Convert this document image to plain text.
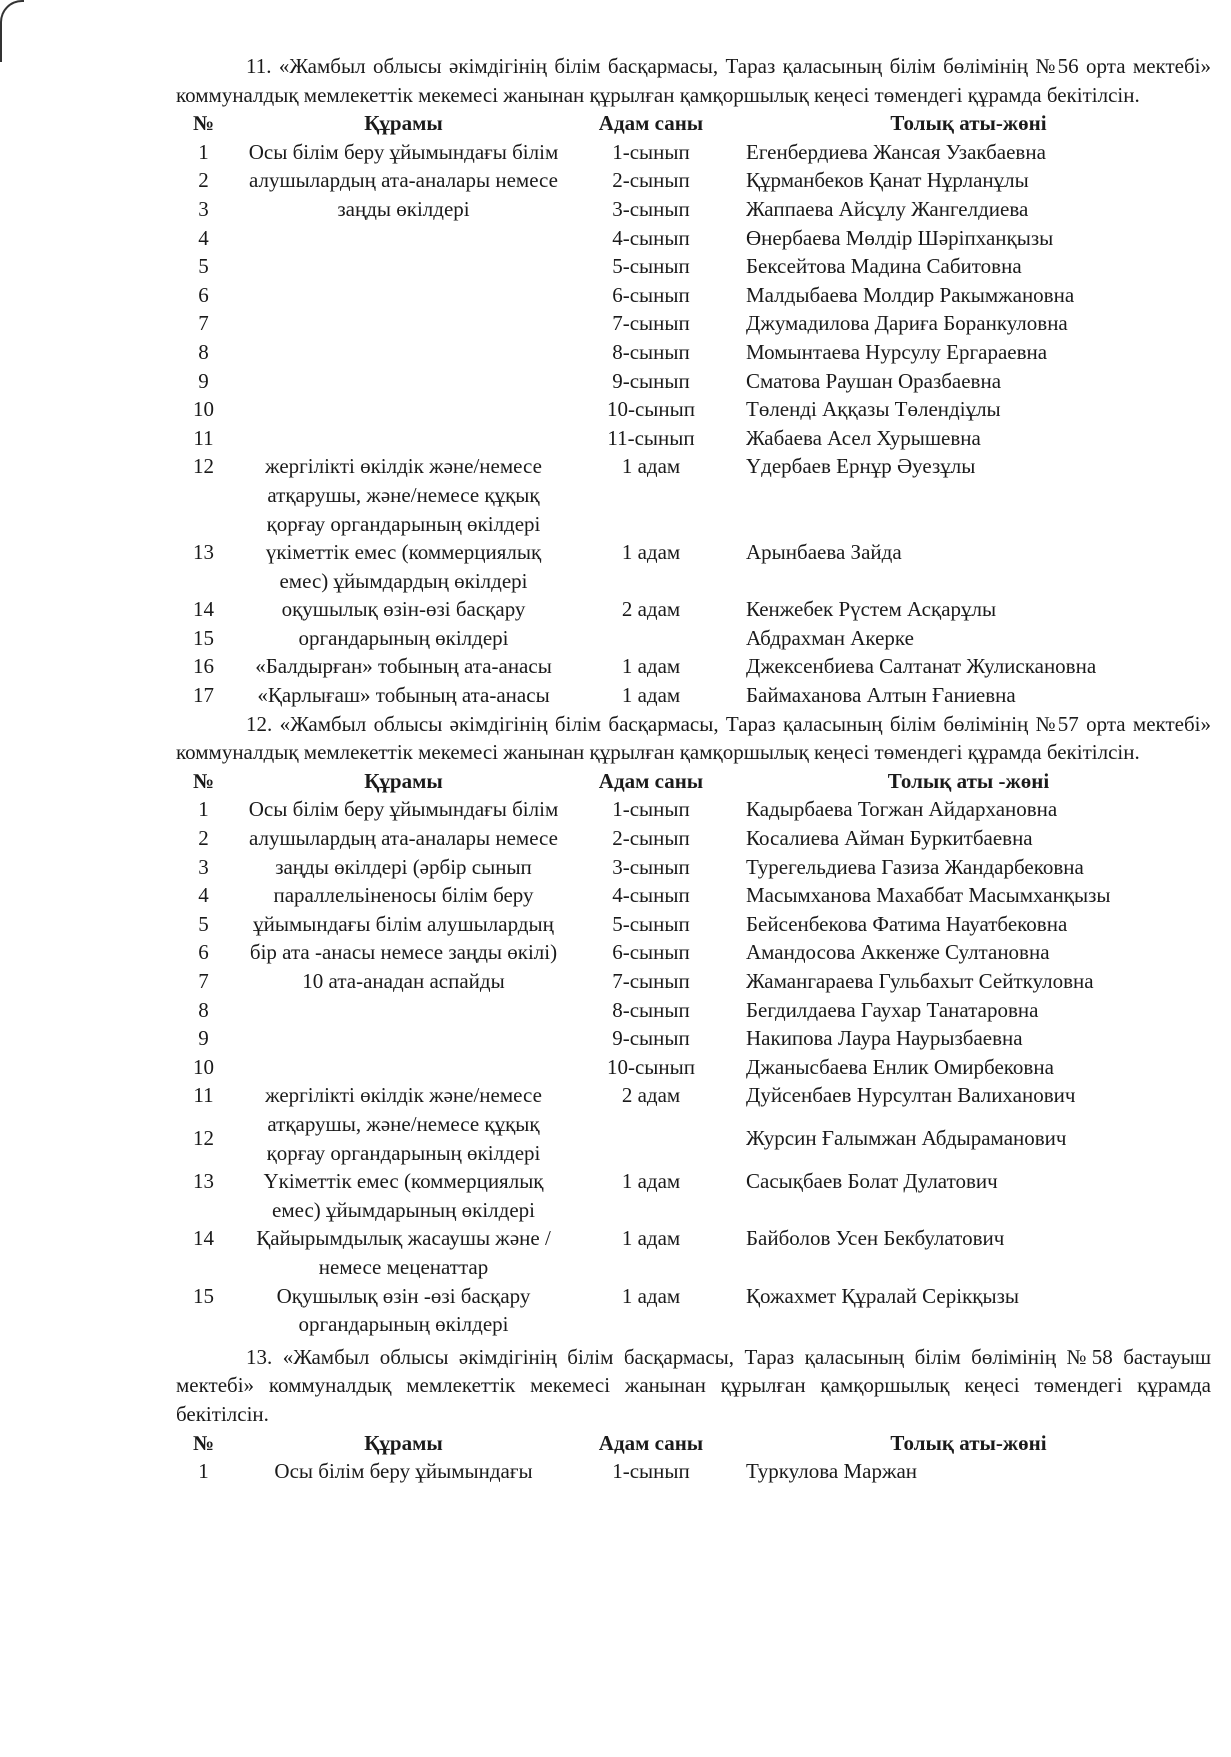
11. «Жамбыл облысы әкімдігінің білім басқармасы, Тараз қаласының білім бөлімінің №56 орта мектебі» коммуналдық мемлекеттік мекемесі жанынан құрылған қамқоршылық кеңесі төмендегі құрамда бекітілсін.

№	Құрамы	Адам саны	Толық аты-жөні
1	Осы білім беру ұйымындағы білім алушылардың ата-аналары немесе заңды өкілдері	1-сынып	Егенбердиева Жансая Узакбаевна
2		2-сынып	Құрманбеков Қанат Нұрланұлы
3		3-сынып	Жаппаева Айсұлу Жангелдиева
4		4-сынып	Өнербаева Мөлдір Шәріпханқызы
5		5-сынып	Бексейтова Мадина Сабитовна
6		6-сынып	Малдыбаева Молдир Ракымжановна
7		7-сынып	Джумадилова Дариға Боранкуловна
8		8-сынып	Момынтаева Нурсулу Ергараевна
9		9-сынып	Сматова Раушан Оразбаевна
10		10-сынып	Төленді Аққазы Төлендіұлы
11		11-сынып	Жабаева Асел Хурышевна
12	жергілікті өкілдік және/немесе атқарушы, және/немесе құқық қорғау органдарының өкілдері	1 адам	Үдербаев Ернұр Әуезұлы
13	үкіметтік емес (коммерциялық емес) ұйымдардың өкілдері	1 адам	Арынбаева Зайда
14	оқушылық өзін-өзі басқару органдарының өкілдері	2 адам	Кенжебек Рүстем Асқарұлы
15			Абдрахман Акерке
16	«Балдырған» тобының ата-анасы	1 адам	Джексенбиева Салтанат Жулискановна
17	«Қарлығаш» тобының ата-анасы	1 адам	Баймаханова Алтын Ғаниевна

12. «Жамбыл облысы әкімдігінің білім басқармасы, Тараз қаласының білім бөлімінің №57 орта мектебі» коммуналдық мемлекеттік мекемесі жанынан құрылған қамқоршылық кеңесі төмендегі құрамда бекітілсін.

№	Құрамы	Адам саны	Толық аты -жөні
1	Осы білім беру ұйымындағы білім алушылардың ата-аналары немесе заңды өкілдері (әрбір сынып параллельіненосы білім беру ұйымындағы білім алушылардың бір ата -анасы немесе заңды өкілі) 10 ата-анадан аспайды	1-сынып	Кадырбаева Тогжан Айдархановна
2		2-сынып	Косалиева Айман Буркитбаевна
3		3-сынып	Турегельдиева Газиза Жандарбековна
4		4-сынып	Масымханова Махаббат Масымханқызы
5		5-сынып	Бейсенбекова Фатима Науатбековна
6		6-сынып	Амандосова Аккенже Султановна
7		7-сынып	Жамангараева Гульбахыт Сейткуловна
8		8-сынып	Бегдилдаева Гаухар Танатаровна
9		9-сынып	Накипова Лаура Наурызбаевна
10		10-сынып	Джанысбаева Енлик Омирбековна
11	жергілікті өкілдік және/немесе атқарушы, және/немесе құқық қорғау органдарының өкілдері	2 адам	Дуйсенбаев Нурсултан Валиханович
12			Журсин Ғалымжан Абдыраманович
13	Үкіметтік емес (коммерциялық емес) ұйымдарының өкілдері	1 адам	Сасықбаев Болат Дулатович
14	Қайырымдылық жасаушы және /немесе меценаттар	1 адам	Байболов Усен Бекбулатович
15	Оқушылық өзін -өзі басқару органдарының өкілдері	1 адам	Қожахмет Құралай Серікқызы

13. «Жамбыл облысы әкімдігінің білім басқармасы, Тараз қаласының білім бөлімінің №58 бастауыш мектебі» коммуналдық мемлекеттік мекемесі жанынан құрылған қамқоршылық кеңесі төмендегі құрамда бекітілсін.

№	Құрамы	Адам саны	Толық аты-жөні
1	Осы білім беру ұйымындағы	1-сынып	Туркулова Маржан
